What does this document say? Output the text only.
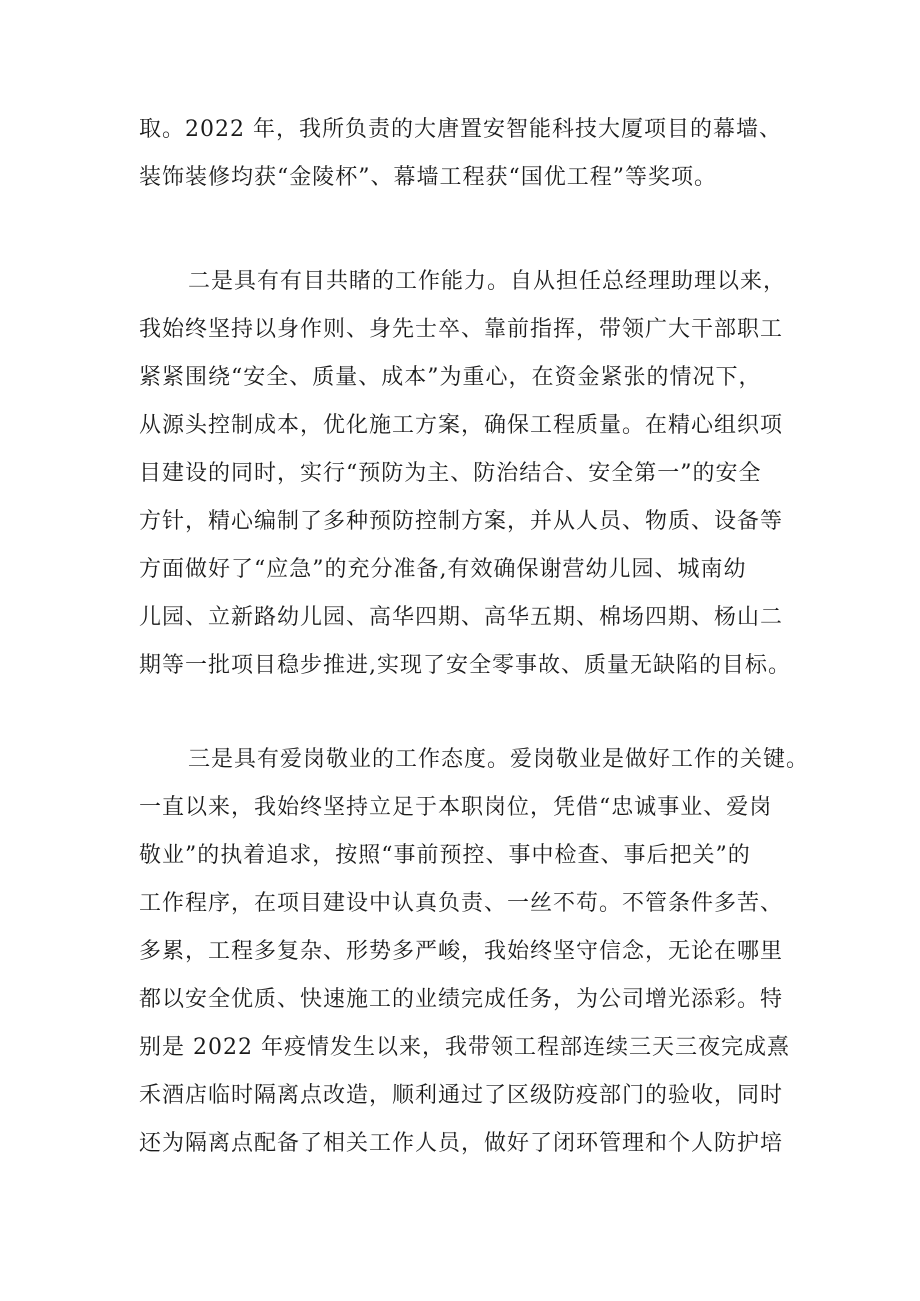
取。2022 年，我所负责的大唐置安智能科技大厦项目的幕墙、
装饰装修均获“金陵杯”、幕墙工程获“国优工程”等奖项。
二是具有有目共睹的工作能力。自从担任总经理助理以来，
我始终坚持以身作则、身先士卒、靠前指挥，带领广大干部职工
紧紧围绕“安全、质量、成本”为重心，在资金紧张的情况下，
从源头控制成本，优化施工方案，确保工程质量。在精心组织项
目建设的同时，实行“预防为主、防治结合、安全第一”的安全
方针，精心编制了多种预防控制方案，并从人员、物质、设备等
方面做好了“应急”的充分准备,有效确保谢营幼儿园、城南幼
儿园、立新路幼儿园、高华四期、高华五期、棉场四期、杨山二
期等一批项目稳步推进,实现了安全零事故、质量无缺陷的目标。
三是具有爱岗敬业的工作态度。爱岗敬业是做好工作的关键。
一直以来，我始终坚持立足于本职岗位，凭借“忠诚事业、爱岗
敬业”的执着追求，按照“事前预控、事中检查、事后把关”的
工作程序，在项目建设中认真负责、一丝不苟。不管条件多苦、
多累，工程多复杂、形势多严峻，我始终坚守信念，无论在哪里
都以安全优质、快速施工的业绩完成任务，为公司增光添彩。特
别是 2022 年疫情发生以来，我带领工程部连续三天三夜完成熹
禾酒店临时隔离点改造，顺利通过了区级防疫部门的验收，同时
还为隔离点配备了相关工作人员，做好了闭环管理和个人防护培
